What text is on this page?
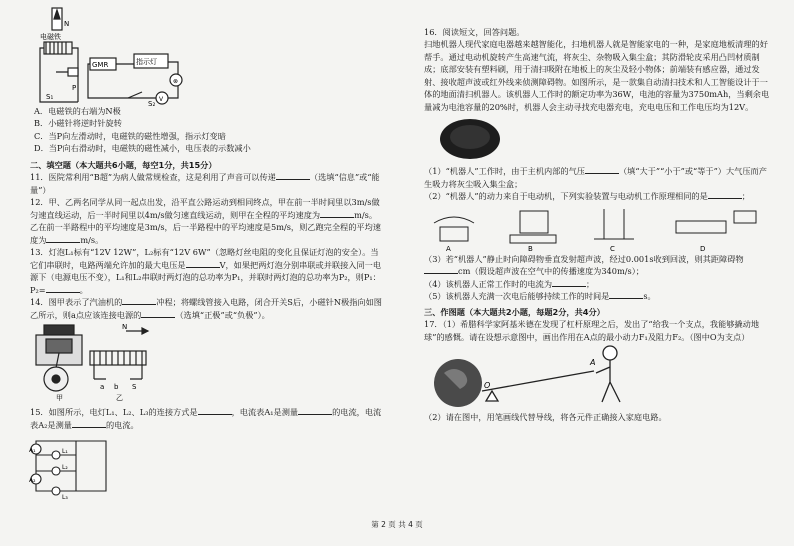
N
电磁铁
GMR	指示灯
S₁
S₂
P
⊗
V

A．电磁铁的右端为N极

B．小磁针将逆时针旋转

C．当P向左滑动时，电磁铁的磁性增强，指示灯变暗

D．当P向右滑动时，电磁铁的磁性减小，电压表的示数减小

二、填空题（本大题共6小题，每空1分，共15分）

11．医院常利用“B超”为病人做常规检查，这是利用了声音可以传递	（选填“信息”或“能量”）

12．甲、乙两名同学从同一起点出发，沿平直公路运动到相同终点，甲在前一半时间里以3m/s做匀速直线运动，后一半时间里以4m/s做匀速直线运动，则甲在全程的平均速度为	m/s。乙在前一半路程中的平均速度是3m/s，后一半路程中的平均速度是5m/s，则乙跑完全程的平均速度为	m/s。

13．灯泡L₁标有“12V 12W”，L₂标有“12V 6W”（忽略灯丝电阻的变化且保证灯泡的安全）。当它们串联时，电路两端允许加的最大电压是	V，如果把两灯泡分别串联或并联接入同一电源下（电源电压不变），L₁和L₂串联时两灯泡的总功率为P₁，并联时两灯泡的总功率为P₂，则P₁：P₂=	。

14．图甲表示了汽油机的	冲程；将螺线管接入电路，闭合开关S后，小磁针N极指向如图乙所示，则a点应该连接电源的	（选填“正极”或“负极”）。

N
a b S
甲	乙

15．如图所示，电灯L₁、L₂、L₃的连接方式是	，电流表A₁是测量	的电流，电流表A₂是测量	的电流。

A₁
A₂
L₁
L₂
L₃

16．阅读短文，回答问题。

扫地机器人现代家庭电器越来越智能化，扫地机器人就是智能家电的一种，是家庭地板清理的好帮手。通过电动机旋转产生高速气流，将灰尘、杂物吸入集尘盒；其防滑轮皮采用凸凹材质制成；底部安装有塑料刷，用于清扫吸附在地板上的灰尘及轻小物体；前端装有感应器，通过发射、接收超声波或红外线来侦测障碍物。如图所示，是一款集自动清扫技术和人工智能设计于一体的地面清扫机器人。该机器人工作时的额定功率为36W，电池的容量为3750mAh，当剩余电量减为电池容量的20%时，机器人会主动寻找充电器充电，充电电压和工作电压均为12V。

（1）“机器人”工作时，由于主机内部的气压	（填“大于”“小于”或“等于”）大气压而产生吸力将灰尘吸入集尘盒；

（2）“机器人”的动力来自于电动机，下列实验装置与电动机工作原理相同的是	；

A	B	C	D

（3）若“机器人”静止时向障碍物垂直发射超声波，经过0.001s收到回波，则其距障碍物cm（假设超声波在空气中的传播速度为340m/s）；

（4）该机器人正常工作时的电流为	；

（5）该机器人充满一次电后能够持续工作的时间是	s。

三、作图题（本大题共2小题，每题2分，共4分）

17．（1）希腊科学家阿基米德在发现了杠杆原理之后，发出了“给我一个支点，我能够撬动地球”的感慨。请在设想示意图中，画出作用在A点的最小动力F₁及阻力F₂。（图中O为支点）

O
A

（2）请在图中，用笔画线代替导线，将各元件正确接入家庭电路。

第 2 页 共 4 页
